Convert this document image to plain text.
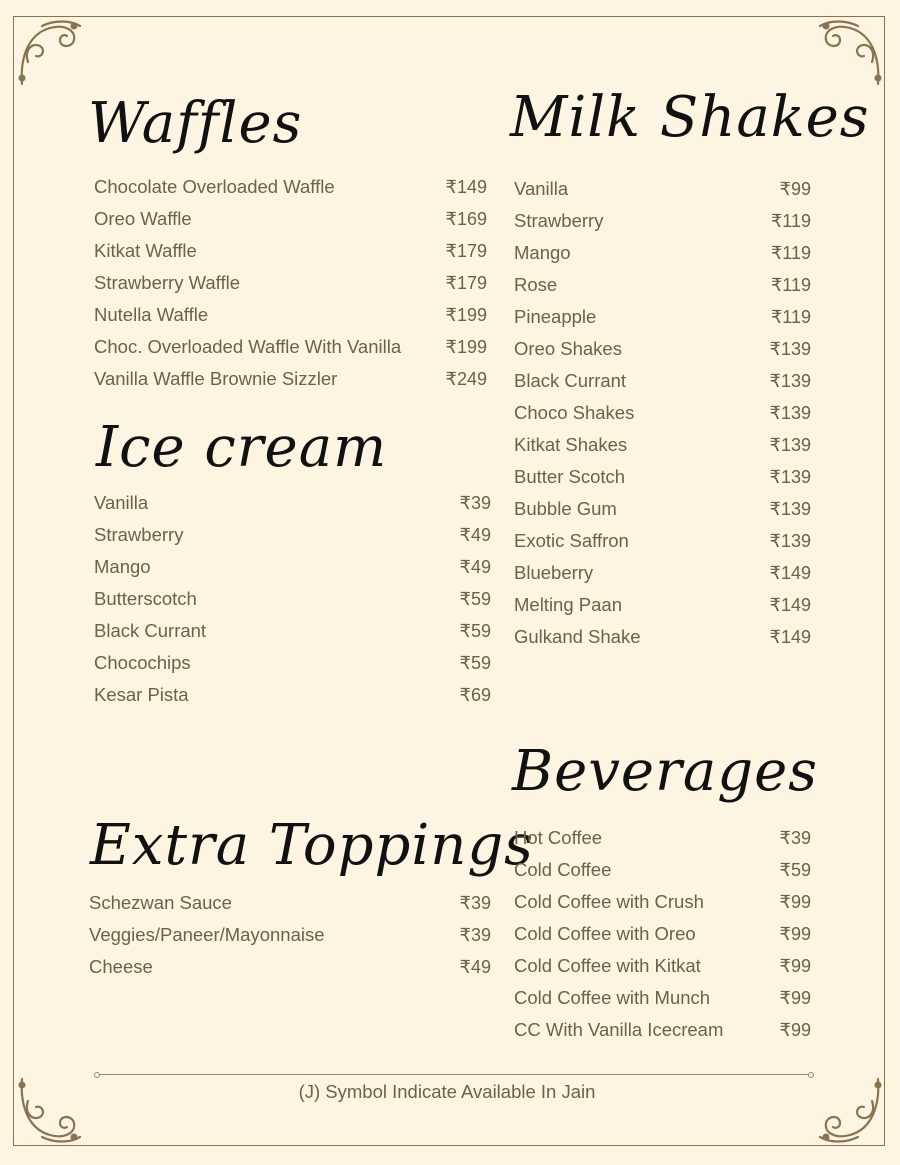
Waffles
Chocolate Overloaded Waffle	₹149
Oreo Waffle	₹169
Kitkat Waffle	₹179
Strawberry Waffle	₹179
Nutella Waffle	₹199
Choc. Overloaded Waffle With Vanilla ₹199
Vanilla Waffle Brownie Sizzler	₹249
Ice cream
Vanilla	₹39
Strawberry	₹49
Mango	₹49
Butterscotch	₹59
Black Currant	₹59
Chocochips	₹59
Kesar Pista	₹69
Extra Toppings
Schezwan Sauce	₹39
Veggies/Paneer/Mayonnaise	₹39
Cheese	₹49
Milk Shakes
Vanilla	₹99
Strawberry	₹119
Mango	₹119
Rose	₹119
Pineapple	₹119
Oreo Shakes	₹139
Black Currant	₹139
Choco Shakes	₹139
Kitkat Shakes	₹139
Butter Scotch	₹139
Bubble Gum	₹139
Exotic Saffron	₹139
Blueberry	₹149
Melting Paan	₹149
Gulkand Shake	₹149
Beverages
Hot Coffee	₹39
Cold Coffee	₹59
Cold Coffee with Crush	₹99
Cold Coffee with Oreo	₹99
Cold Coffee with Kitkat	₹99
Cold Coffee with Munch	₹99
CC With Vanilla Icecream	₹99
(J) Symbol Indicate Available In Jain
